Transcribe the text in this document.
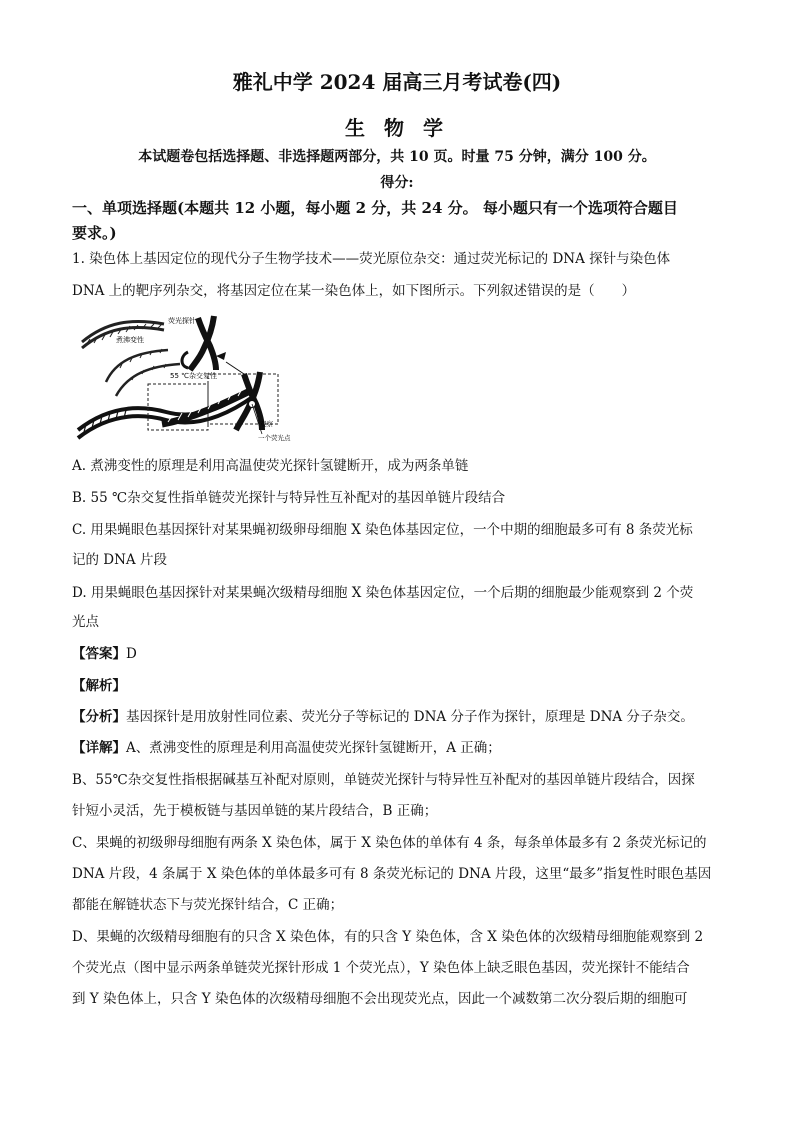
雅礼中学 2024 届高三月考试卷(四)
生 物 学
本试题卷包括选择题、非选择题两部分，共 10 页。时量 75 分钟，满分 100 分。
得分:
一、单项选择题(本题共 12 小题，每小题 2 分，共 24 分。 每小题只有一个选项符合题目
要求。)
1. 染色体上基因定位的现代分子生物学技术——荧光原位杂交：通过荧光标记的 DNA 探针与染色体
DNA 上的靶序列杂交，将基因定位在某一染色体上，如下图所示。下列叙述错误的是（　　）
荧光探针
煮沸变性
55 ℃杂交复性
观察
一个荧光点
A. 煮沸变性的原理是利用高温使荧光探针氢键断开，成为两条单链
B. 55 ℃杂交复性指单链荧光探针与特异性互补配对的基因单链片段结合
C. 用果蝇眼色基因探针对某果蝇初级卵母细胞 X 染色体基因定位，一个中期的细胞最多可有 8 条荧光标
记的 DNA 片段
D. 用果蝇眼色基因探针对某果蝇次级精母细胞 X 染色体基因定位，一个后期的细胞最少能观察到 2 个荧
光点
【答案】D
【解析】
【分析】基因探针是用放射性同位素、荧光分子等标记的 DNA 分子作为探针，原理是 DNA 分子杂交。
【详解】A、煮沸变性的原理是利用高温使荧光探针氢键断开，A 正确；
B、55℃杂交复性指根据碱基互补配对原则，单链荧光探针与特异性互补配对的基因单链片段结合，因探
针短小灵活，先于模板链与基因单链的某片段结合，B 正确；
C、果蝇的初级卵母细胞有两条 X 染色体，属于 X 染色体的单体有 4 条，每条单体最多有 2 条荧光标记的
DNA 片段，4 条属于 X 染色体的单体最多可有 8 条荧光标记的 DNA 片段，这里“最多”指复性时眼色基因
都能在解链状态下与荧光探针结合，C 正确；
D、果蝇的次级精母细胞有的只含 X 染色体，有的只含 Y 染色体，含 X 染色体的次级精母细胞能观察到 2
个荧光点（图中显示两条单链荧光探针形成 1 个荧光点），Y 染色体上缺乏眼色基因，荧光探针不能结合
到 Y 染色体上，只含 Y 染色体的次级精母细胞不会出现荧光点，因此一个减数第二次分裂后期的细胞可
